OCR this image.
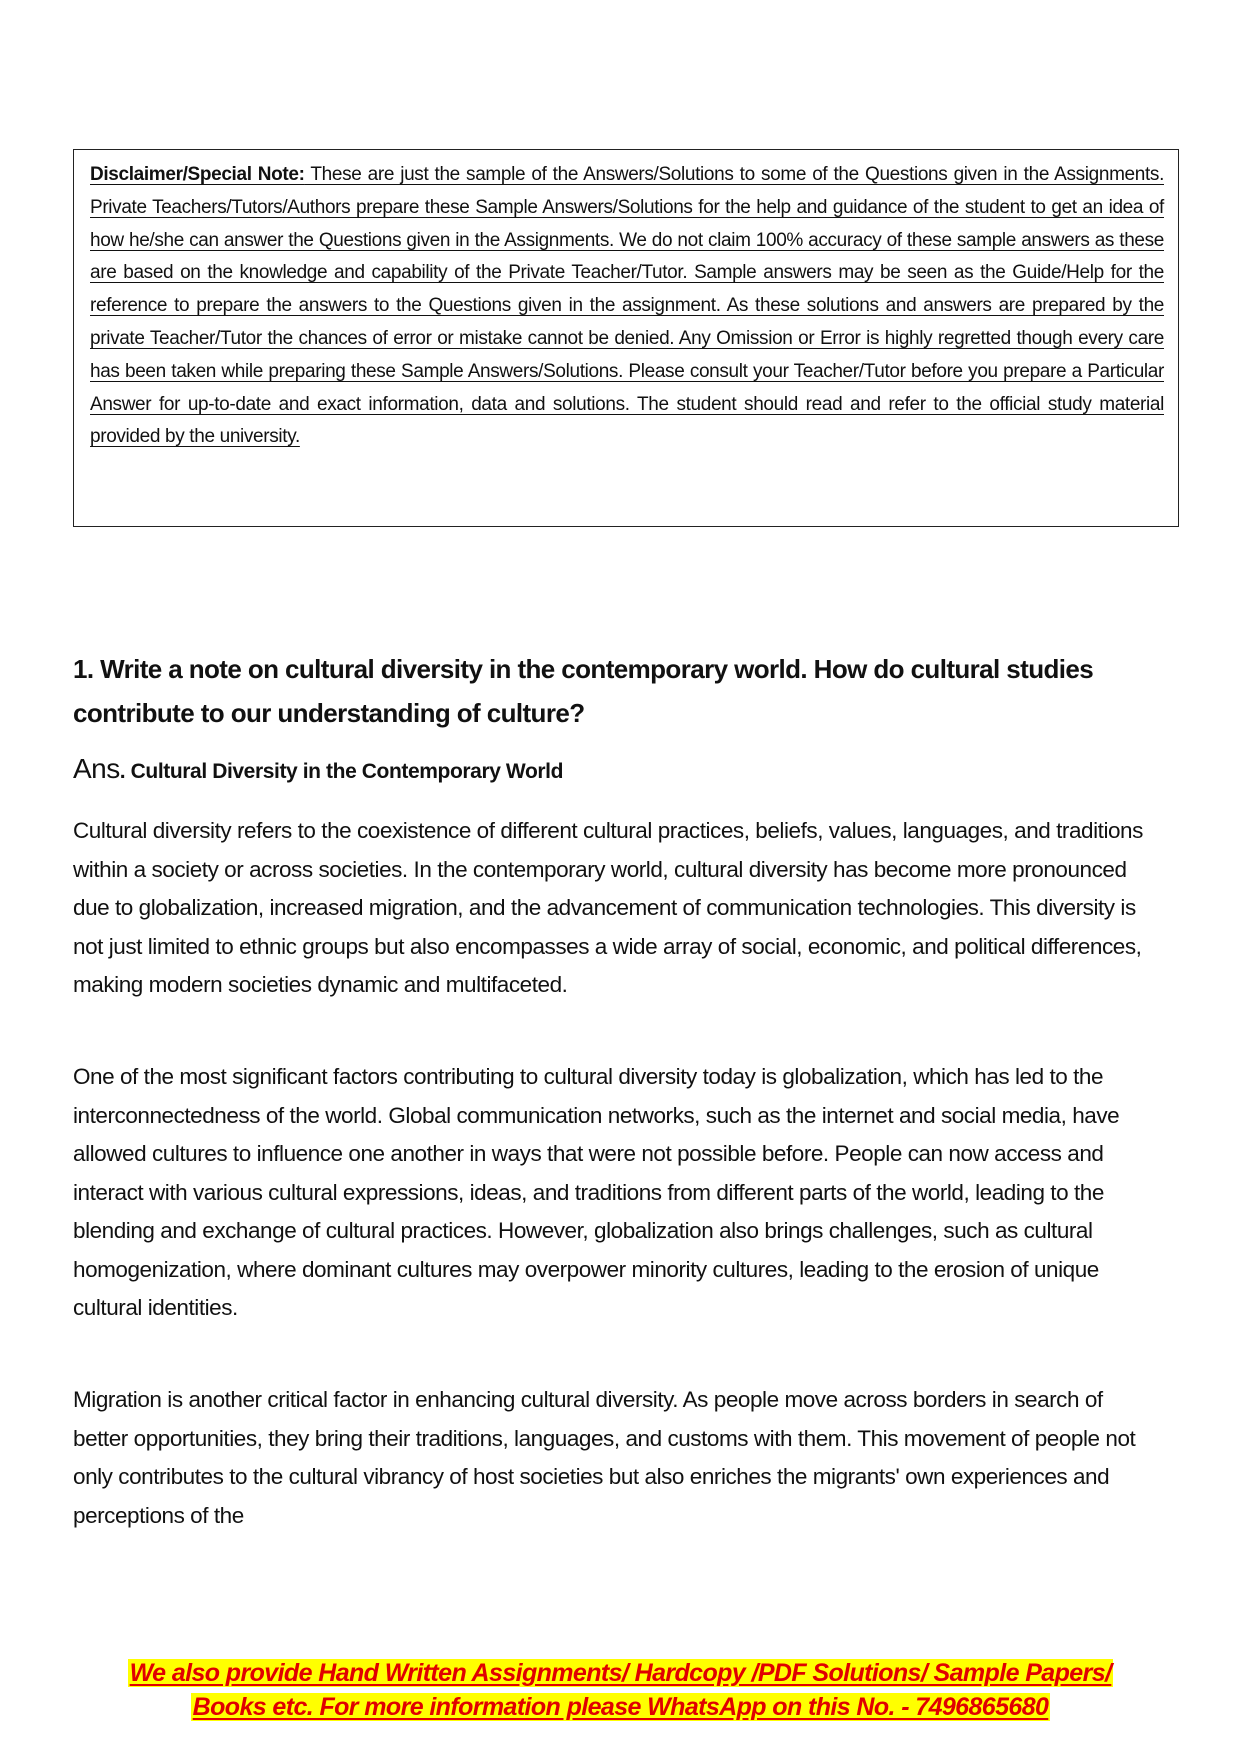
Disclaimer/Special Note: These are just the sample of the Answers/Solutions to some of the Questions given in the Assignments. Private Teachers/Tutors/Authors prepare these Sample Answers/Solutions for the help and guidance of the student to get an idea of how he/she can answer the Questions given in the Assignments. We do not claim 100% accuracy of these sample answers as these are based on the knowledge and capability of the Private Teacher/Tutor. Sample answers may be seen as the Guide/Help for the reference to prepare the answers to the Questions given in the assignment. As these solutions and answers are prepared by the private Teacher/Tutor the chances of error or mistake cannot be denied. Any Omission or Error is highly regretted though every care has been taken while preparing these Sample Answers/Solutions. Please consult your Teacher/Tutor before you prepare a Particular Answer for up-to-date and exact information, data and solutions. The student should read and refer to the official study material provided by the university.
1. Write a note on cultural diversity in the contemporary world. How do cultural studies contribute to our understanding of culture?
Ans. Cultural Diversity in the Contemporary World

Cultural diversity refers to the coexistence of different cultural practices, beliefs, values, languages, and traditions within a society or across societies. In the contemporary world, cultural diversity has become more pronounced due to globalization, increased migration, and the advancement of communication technologies. This diversity is not just limited to ethnic groups but also encompasses a wide array of social, economic, and political differences, making modern societies dynamic and multifaceted.

One of the most significant factors contributing to cultural diversity today is globalization, which has led to the interconnectedness of the world. Global communication networks, such as the internet and social media, have allowed cultures to influence one another in ways that were not possible before. People can now access and interact with various cultural expressions, ideas, and traditions from different parts of the world, leading to the blending and exchange of cultural practices. However, globalization also brings challenges, such as cultural homogenization, where dominant cultures may overpower minority cultures, leading to the erosion of unique cultural identities.

Migration is another critical factor in enhancing cultural diversity. As people move across borders in search of better opportunities, they bring their traditions, languages, and customs with them. This movement of people not only contributes to the cultural vibrancy of host societies but also enriches the migrants' own experiences and perceptions of the

We also provide Hand Written Assignments/ Hardcopy /PDF Solutions/ Sample Papers/
Books etc. For more information please WhatsApp on this No. - 7496865680
